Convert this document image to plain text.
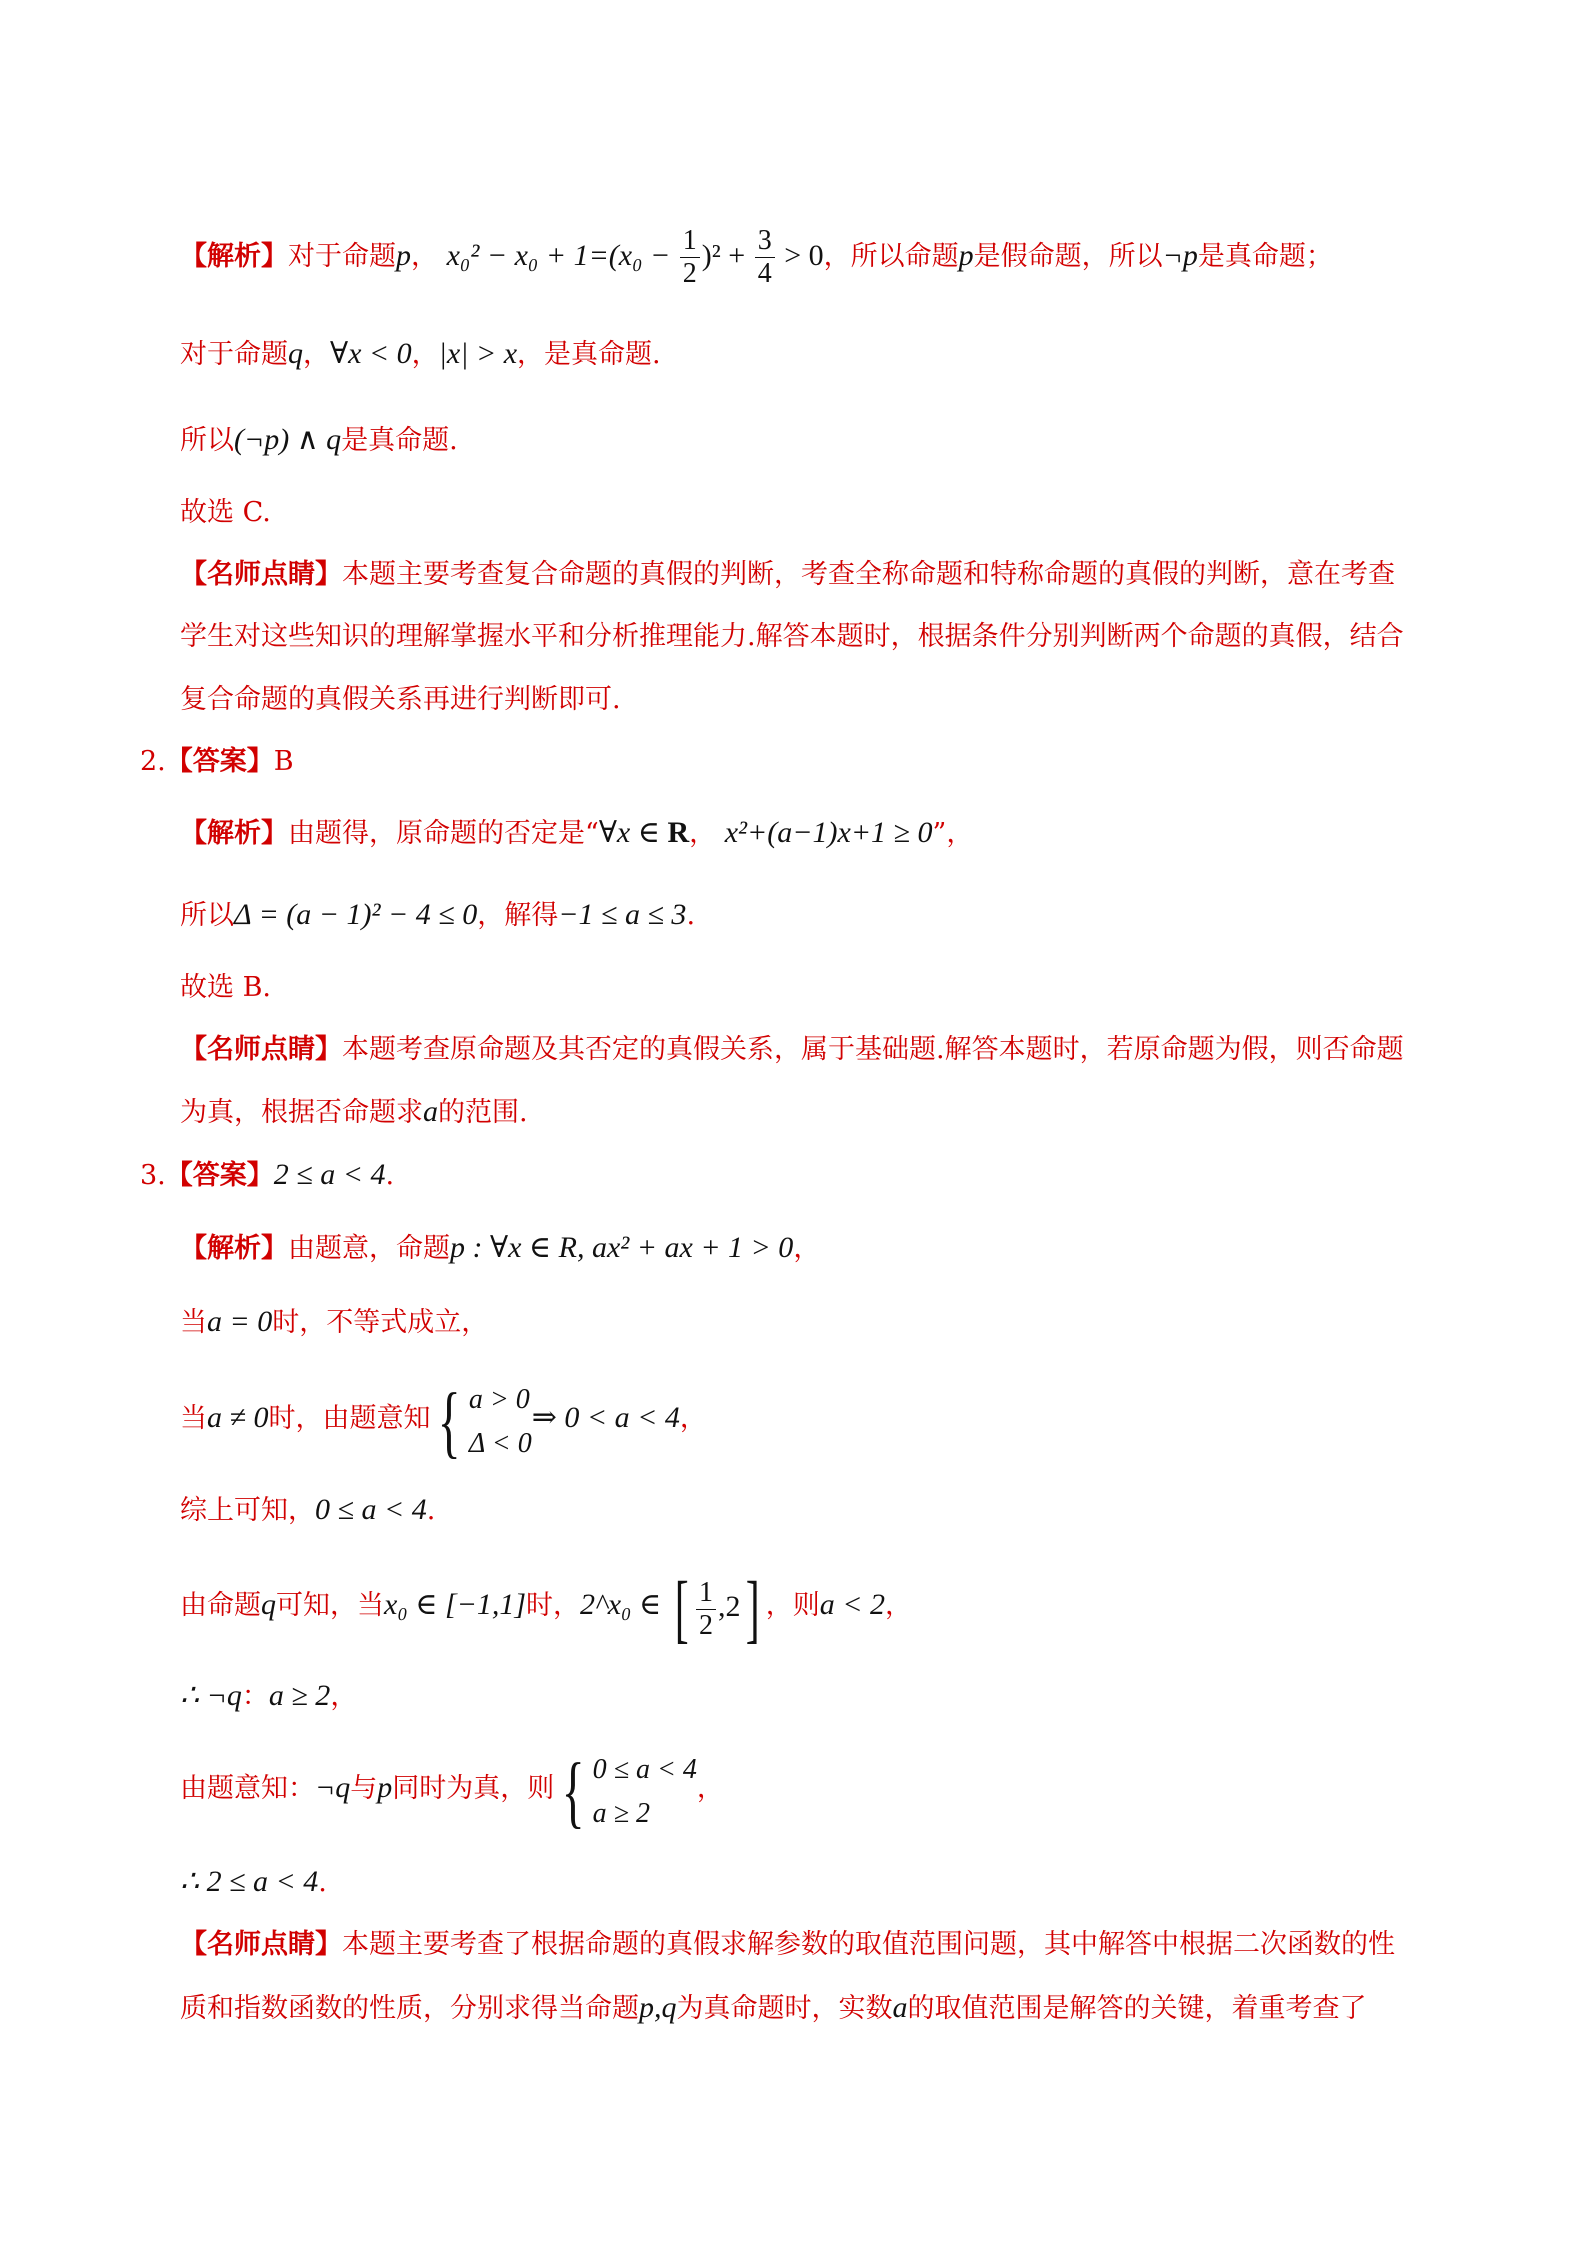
【解析】对于命题p， $x_0^2 - x_0 + 1=(x_0 - \frac{1}{2} )^2 + \frac{3}{4} > 0$，所以命题p是假命题，所以¬p是真命题；
对于命题q，∀x < 0，|x| > x，是真命题.
所以(¬p) ∧ q是真命题.
故选 C.
【名师点睛】本题主要考查复合命题的真假的判断，考查全称命题和特称命题的真假的判断，意在考查
学生对这些知识的理解掌握水平和分析推理能力.解答本题时，根据条件分别判断两个命题的真假，结合
复合命题的真假关系再进行判断即可.
2.【答案】B
【解析】由题得，原命题的否定是“∀x ∈ R， x²+(a−1)x+1 ≥ 0”，
所以Δ = (a − 1)² − 4 ≤ 0，解得−1 ≤ a ≤ 3.
故选 B.
【名师点睛】本题考查原命题及其否定的真假关系，属于基础题.解答本题时，若原命题为假，则否命题
为真，根据否命题求a的范围.
3.【答案】2 ≤ a < 4.
【解析】由题意，命题p : ∀x ∈ R, ax² + ax + 1 > 0，
当a = 0时，不等式成立，
当a ≠ 0时，由题意知{ a > 0
Δ < 0
⇒ 0 < a < 4，
综上可知，0 ≤ a < 4.
由命题q可知，当x₀ ∈ [−1,1]时，2^x₀ ∈ [ $\frac{1}{2} ,2$] ，则a < 2，
∴ ¬q：a ≥ 2，
由题意知：¬q与p同时为真，则{ 0 ≤ a < 4
a ≥ 2
，
∴ 2 ≤ a < 4.
【名师点睛】本题主要考查了根据命题的真假求解参数的取值范围问题，其中解答中根据二次函数的性
质和指数函数的性质，分别求得当命题p,q为真命题时，实数a的取值范围是解答的关键，着重考查了
